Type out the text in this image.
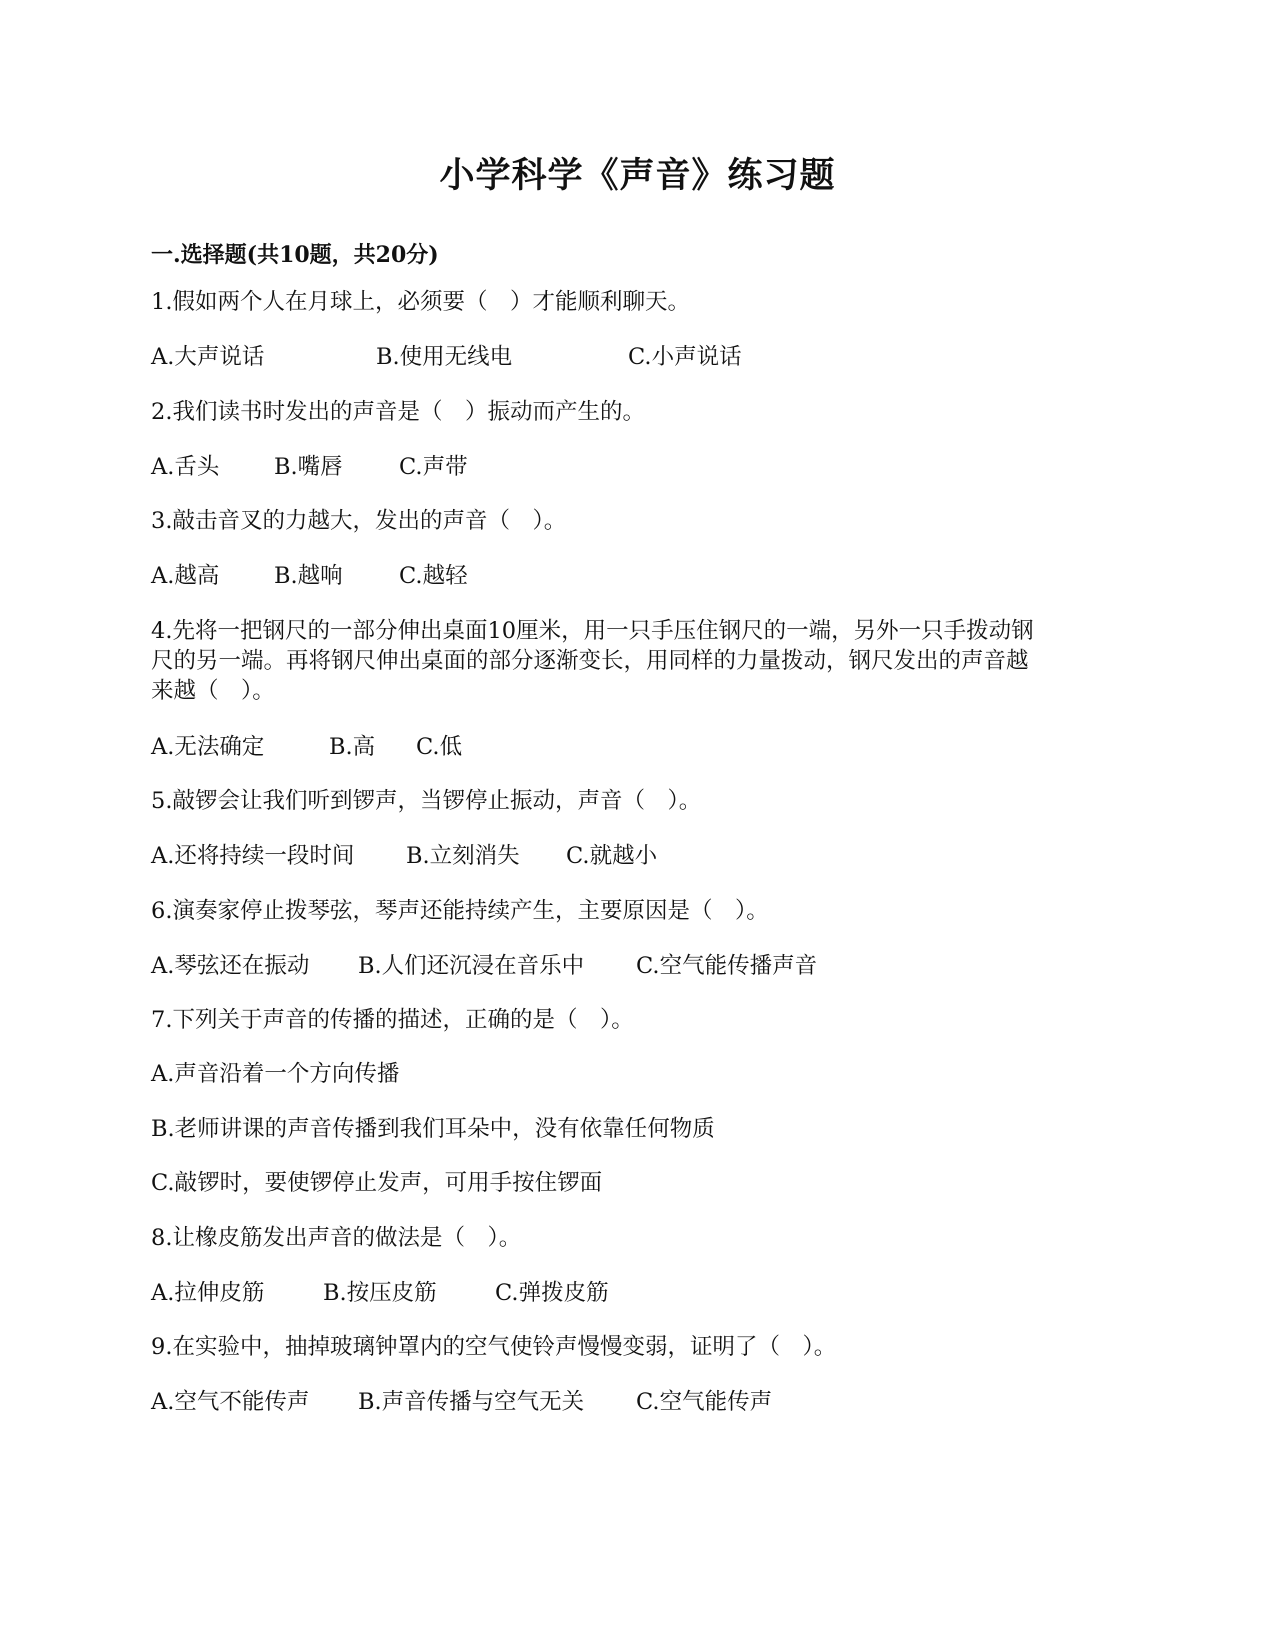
小学科学《声音》练习题
一.选择题(共10题，共20分)
1.假如两个人在月球上，必须要（　）才能顺利聊天。
A.大声说话	B.使用无线电	C.小声说话
2.我们读书时发出的声音是（　）振动而产生的。
A.舌头 B.嘴唇	C.声带
3.敲击音叉的力越大，发出的声音（　）。
A.越高 B.越响	C.越轻
4.先将一把钢尺的一部分伸出桌面10厘米，用一只手压住钢尺的一端，另外一只手拨动钢
尺的另一端。再将钢尺伸出桌面的部分逐渐变长，用同样的力量拨动，钢尺发出的声音越
来越（　）。
A.无法确定	B.高 C.低
5.敲锣会让我们听到锣声，当锣停止振动，声音（　）。
A.还将持续一段时间 B.立刻消失 C.就越小
6.演奏家停止拨琴弦，琴声还能持续产生，主要原因是（　）。
A.琴弦还在振动 B.人们还沉浸在音乐中 C.空气能传播声音
7.下列关于声音的传播的描述，正确的是（　）。
A.声音沿着一个方向传播
B.老师讲课的声音传播到我们耳朵中，没有依靠任何物质
C.敲锣时，要使锣停止发声，可用手按住锣面
8.让橡皮筋发出声音的做法是（　）。
A.拉伸皮筋	B.按压皮筋	C.弹拨皮筋
9.在实验中，抽掉玻璃钟罩内的空气使铃声慢慢变弱，证明了（　）。
A.空气不能传声 B.声音传播与空气无关 C.空气能传声
